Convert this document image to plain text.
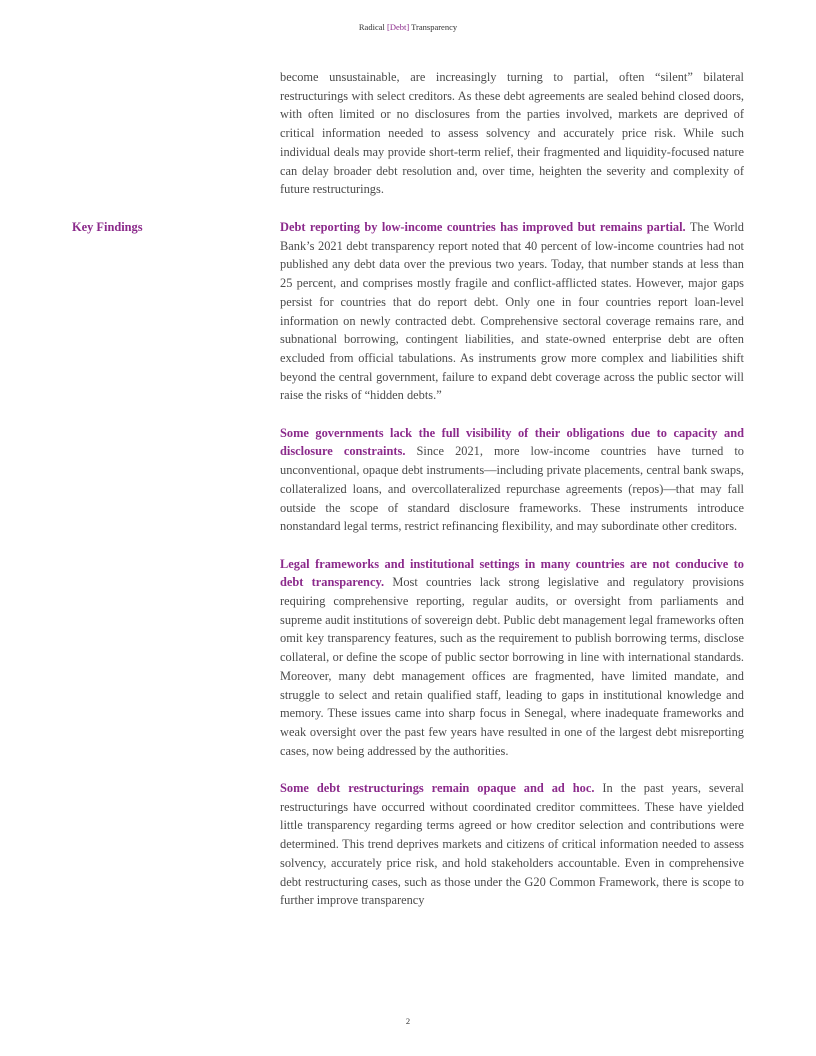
Radical [Debt] Transparency

become unsustainable, are increasingly turning to partial, often “silent” bilateral restructurings with select creditors. As these debt agreements are sealed behind closed doors, with often limited or no disclosures from the parties involved, markets are deprived of critical information needed to assess solvency and accurately price risk. While such individual deals may provide short-term relief, their fragmented and liquidity-focused nature can delay broader debt resolution and, over time, heighten the severity and complexity of future restructurings.

Key Findings	Debt reporting by low-income countries has improved but remains partial. The World Bank’s 2021 debt transparency report noted that 40 percent of low-income countries had not published any debt data over the previous two years. Today, that number stands at less than 25 percent, and comprises mostly fragile and conflict-afflicted states. However, major gaps persist for countries that do report debt. Only one in four countries report loan-level information on newly contracted debt. Comprehensive sectoral coverage remains rare, and subnational borrowing, contingent liabilities, and state-owned enterprise debt are often excluded from official tabulations. As instruments grow more complex and liabilities shift beyond the central government, failure to expand debt coverage across the public sector will raise the risks of “hidden debts.”

Some governments lack the full visibility of their obligations due to capacity and disclosure constraints. Since 2021, more low-income countries have turned to unconventional, opaque debt instruments—including private placements, central bank swaps, collateralized loans, and overcollateralized repurchase agreements (repos)—that may fall outside the scope of standard disclosure frameworks. These instruments introduce nonstandard legal terms, restrict refinancing flexibility, and may subordinate other creditors.

Legal frameworks and institutional settings in many countries are not conducive to debt transparency. Most countries lack strong legislative and regulatory provisions requiring comprehensive reporting, regular audits, or oversight from parliaments and supreme audit institutions of sovereign debt. Public debt management legal frameworks often omit key transparency features, such as the requirement to publish borrowing terms, disclose collateral, or define the scope of public sector borrowing in line with international standards. Moreover, many debt management offices are fragmented, have limited mandate, and struggle to select and retain qualified staff, leading to gaps in institutional knowledge and memory. These issues came into sharp focus in Senegal, where inadequate frameworks and weak oversight over the past few years have resulted in one of the largest debt misreporting cases, now being addressed by the authorities.

Some debt restructurings remain opaque and ad hoc. In the past years, several restructurings have occurred without coordinated creditor committees. These have yielded little transparency regarding terms agreed or how creditor selection and contributions were determined. This trend deprives markets and citizens of critical information needed to assess solvency, accurately price risk, and hold stakeholders accountable. Even in comprehensive debt restructuring cases, such as those under the G20 Common Framework, there is scope to further improve transparency

2
